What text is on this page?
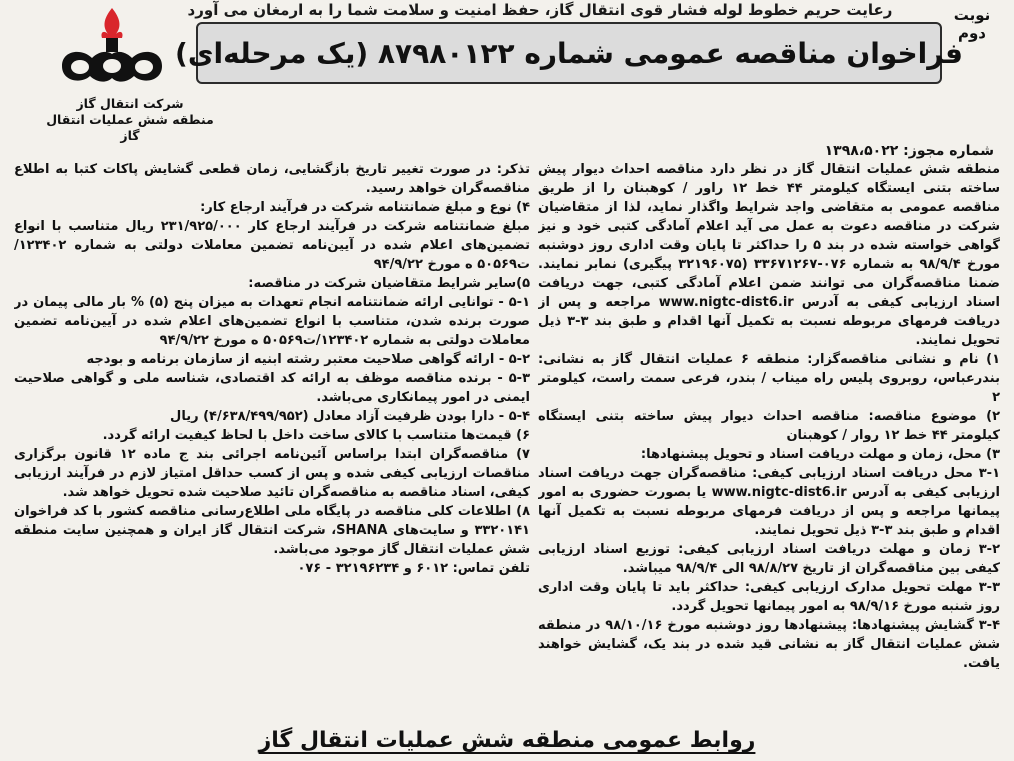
رعایت حریم خطوط لوله فشار قوی انتقال گاز، حفظ امنیت و سلامت شما را به ارمغان می آورد	نوبت دوم
فراخوان مناقصه عمومی شماره ۸۷۹۸۰۱۲۲ (یک مرحله‌ای)
شرکت انتقال گاز
منطقه شش عملیات انتقال گاز
شماره مجوز: ۱۳۹۸،۵۰۲۲

منطقه شش عملیات انتقال گاز در نظر دارد مناقصه احداث دیوار پیش ساخته بتنی ایستگاه کیلومتر ۴۴ خط ۱۲ راور / کوهبنان را از طریق مناقصه عمومی به متقاضی واجد شرایط واگذار نماید، لذا از متقاضیان شرکت در مناقصه دعوت به عمل می آید اعلام آمادگی کتبی خود و نیز گواهی خواسته شده در بند ۵ را حداکثر تا پایان وقت اداری روز دوشنبه مورخ ۹۸/۹/۴ به شماره ۰۷۶-۳۳۶۷۱۲۶۷ (۳۲۱۹۶۰۷۵ پیگیری) نمابر نمایند. ضمنا مناقصه‌گران می توانند ضمن اعلام آمادگی کتبی، جهت دریافت اسناد ارزیابی کیفی به آدرس www.nigtc-dist6.ir مراجعه و پس از دریافت فرمهای مربوطه نسبت به تکمیل آنها اقدام و طبق بند ۳-۳ ذیل تحویل نمایند.

۱) نام و نشانی مناقصه‌گزار: منطقه ۶ عملیات انتقال گاز به نشانی: بندرعباس، روبروی پلیس راه میناب / بندر، فرعی سمت راست، کیلومتر ۲

۲) موضوع مناقصه: مناقصه احداث دیوار پیش ساخته بتنی ایستگاه کیلومتر ۴۴ خط ۱۲ روار / کوهبنان

۳) محل، زمان و مهلت دریافت اسناد و تحویل پیشنهادها:

۳-۱ محل دریافت اسناد ارزیابی کیفی: مناقصه‌گران جهت دریافت اسناد ارزیابی کیفی به آدرس www.nigtc-dist6.ir یا بصورت حضوری به امور پیمانها مراجعه و پس از دریافت فرمهای مربوطه نسبت به تکمیل آنها اقدام و طبق بند ۳-۳ ذیل تحویل نمایند.

۳-۲ زمان و مهلت دریافت اسناد ارزیابی کیفی: توزیع اسناد ارزیابی کیفی بین مناقصه‌گران از تاریخ ۹۸/۸/۲۷ الی ۹۸/۹/۴ میباشد.

۳-۳ مهلت تحویل مدارک ارزیابی کیفی: حداکثر باید تا پایان وقت اداری روز شنبه مورخ ۹۸/۹/۱۶ به امور پیمانها تحویل گردد.

۳-۴ گشایش پیشنهادها: پیشنهادها روز دوشنبه مورخ ۹۸/۱۰/۱۶ در منطقه شش عملیات انتقال گاز به نشانی قید شده در بند یک، گشایش خواهند یافت.

تذکر: در صورت تغییر تاریخ بازگشایی، زمان قطعی گشایش پاکات کتبا به اطلاع مناقصه‌گران خواهد رسید.

۴) نوع و مبلغ ضمانتنامه شرکت در فرآیند ارجاع کار:

مبلغ ضمانتنامه شرکت در فرآیند ارجاع کار ۲۳۱/۹۲۵/۰۰۰ ریال متناسب با انواع تضمین‌های اعلام شده در آیین‌نامه تضمین معاملات دولتی به شماره ۱۲۳۴۰۲/ت۵۰۵۶۹ ه مورخ ۹۴/۹/۲۲

۵)سایر شرایط متقاضیان شرکت در مناقصه:

۵-۱ - توانایی ارائه ضمانتنامه انجام تعهدات به میزان پنج (۵) % بار مالی پیمان در صورت برنده شدن، متناسب با انواع تضمین‌های اعلام شده در آیین‌نامه تضمین معاملات دولتی به شماره ۱۲۳۴۰۲/ت۵۰۵۶۹ ه مورخ ۹۴/۹/۲۲

۵-۲ - ارائه گواهی صلاحیت معتبر رشته ابنیه از سازمان برنامه و بودجه

۵-۳ - برنده مناقصه موظف به ارائه کد اقتصادی، شناسه ملی و گواهی صلاحیت ایمنی در امور پیمانکاری می‌باشد.

۵-۴ - دارا بودن ظرفیت آزاد معادل (۴/۶۳۸/۴۹۹/۹۵۲) ریال

۶) قیمت‌ها متناسب با کالای ساخت داخل با لحاظ کیفیت ارائه گردد.

۷) مناقصه‌گران ابتدا براساس آئین‌نامه اجرائی بند ج ماده ۱۲ قانون برگزاری مناقصات ارزیابی کیفی شده و پس از کسب حداقل امتیاز لازم در فرآیند ارزیابی کیفی، اسناد مناقصه به مناقصه‌گران تائید صلاحیت شده تحویل خواهد شد.

۸) اطلاعات کلی مناقصه در پایگاه ملی اطلاع‌رسانی مناقصه کشور با کد فراخوان ۳۳۲۰۱۴۱ و سایت‌های SHANA، شرکت انتقال گاز ایران و همچنین سایت منطقه شش عملیات انتقال گاز موجود می‌باشد.

تلفن تماس: ۶۰۱۲ و ۳۲۱۹۶۲۳۴ - ۰۷۶

روابط عمومی منطقه شش عملیات انتقال گاز
